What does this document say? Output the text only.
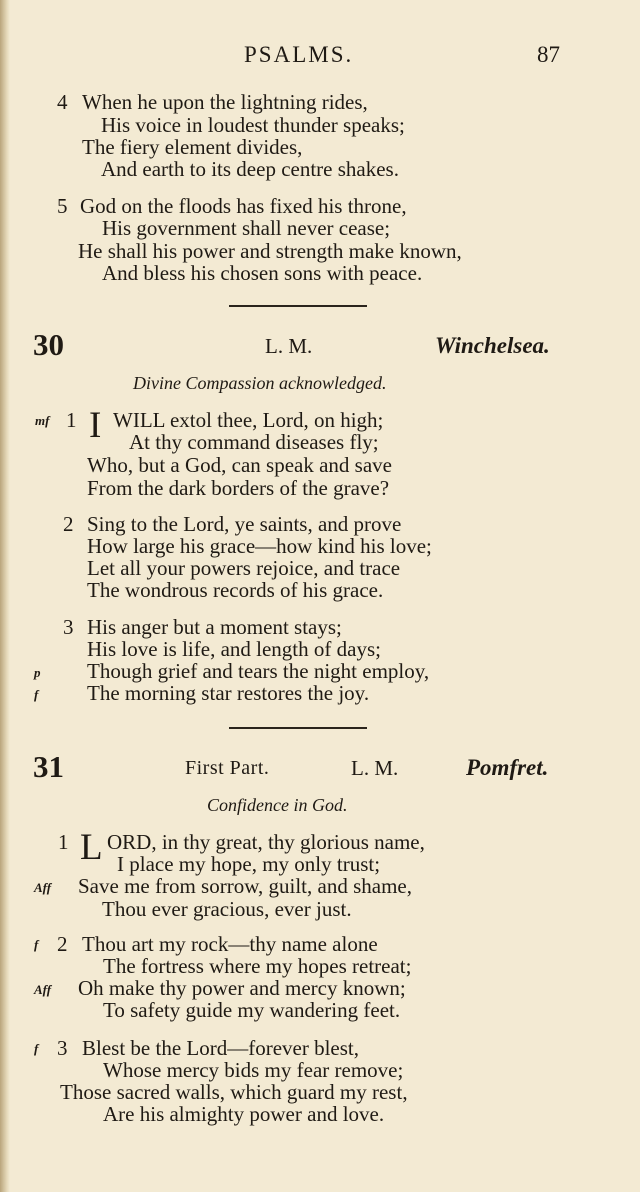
PSALMS.	87
4 When he upon the lightning rides,
His voice in loudest thunder speaks;
The fiery element divides,
And earth to its deep centre shakes.
5 God on the floods has fixed his throne,
His government shall never cease;
He shall his power and strength make known,
And bless his chosen sons with peace.
30	L. M.	Winchelsea.
Divine Compassion acknowledged.
mf 1 I WILL extol thee, Lord, on high;
At thy command diseases fly;
Who, but a God, can speak and save
From the dark borders of the grave?
2 Sing to the Lord, ye saints, and prove
How large his grace—how kind his love;
Let all your powers rejoice, and trace
The wondrous records of his grace.
3 His anger but a moment stays;
His love is life, and length of days;
p Though grief and tears the night employ,
f The morning star restores the joy.
31	First Part.	L. M.	Pomfret.
Confidence in God.
1 L ORD, in thy great, thy glorious name,
I place my hope, my only trust;
Aff Save me from sorrow, guilt, and shame,
Thou ever gracious, ever just.
f 2 Thou art my rock—thy name alone
The fortress where my hopes retreat;
Aff Oh make thy power and mercy known;
To safety guide my wandering feet.
f 3 Blest be the Lord—forever blest,
Whose mercy bids my fear remove;
Those sacred walls, which guard my rest,
Are his almighty power and love.
